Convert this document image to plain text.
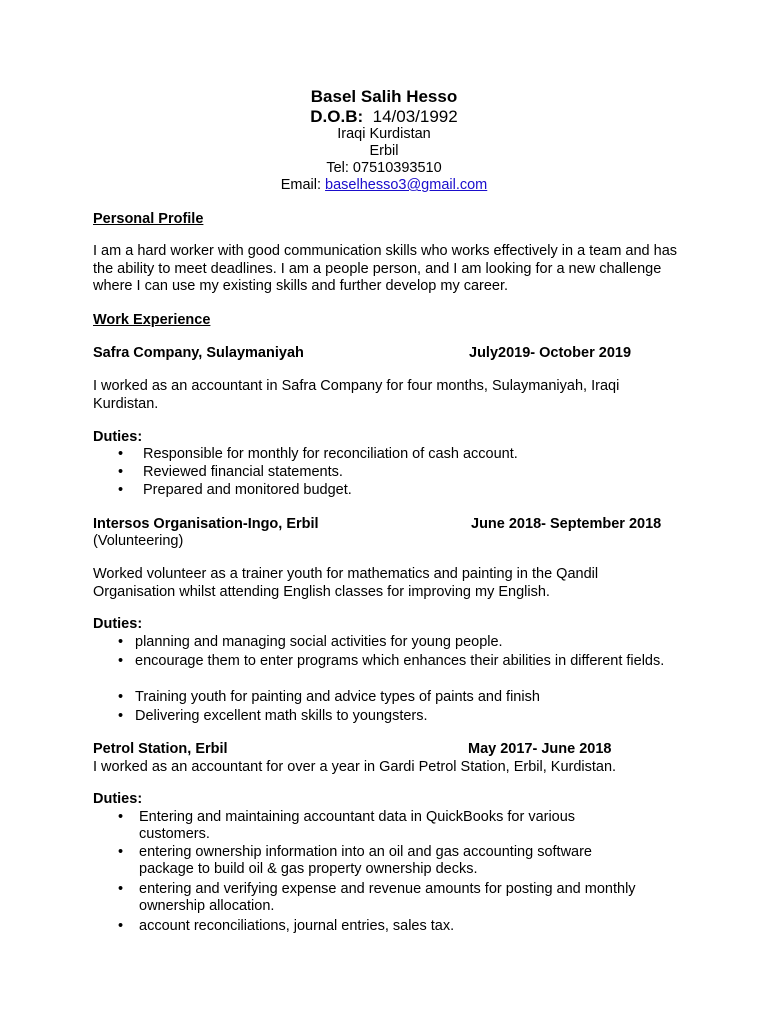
Basel Salih Hesso
D.O.B: 14/03/1992
Iraqi Kurdistan
Erbil
Tel: 07510393510
Email: baselhesso3@gmail.com
Personal Profile
I am a hard worker with good communication skills who works effectively in a team and has the ability to meet deadlines. I am a people person, and I am looking for a new challenge where I can use my existing skills and further develop my career.
Work Experience
Safra Company, Sulaymaniyah	July2019- October 2019
I worked as an accountant in Safra Company for four months, Sulaymaniyah, Iraqi Kurdistan.
Duties:
• Responsible for monthly for reconciliation of cash account.
• Reviewed financial statements.
• Prepared and monitored budget.
Intersos Organisation-Ingo, Erbil	June 2018- September 2018
(Volunteering)
Worked volunteer as a trainer youth for mathematics and painting in the Qandil Organisation whilst attending English classes for improving my English.
Duties:
• planning and managing social activities for young people.
• encourage them to enter programs which enhances their abilities in different fields.
• Training youth for painting and advice types of paints and finish
• Delivering excellent math skills to youngsters.
Petrol Station, Erbil	May 2017- June 2018
I worked as an accountant for over a year in Gardi Petrol Station, Erbil, Kurdistan.
Duties:
• Entering and maintaining accountant data in QuickBooks for various customers.
• entering ownership information into an oil and gas accounting software package to build oil & gas property ownership decks.
• entering and verifying expense and revenue amounts for posting and monthly ownership allocation.
• account reconciliations, journal entries, sales tax.
